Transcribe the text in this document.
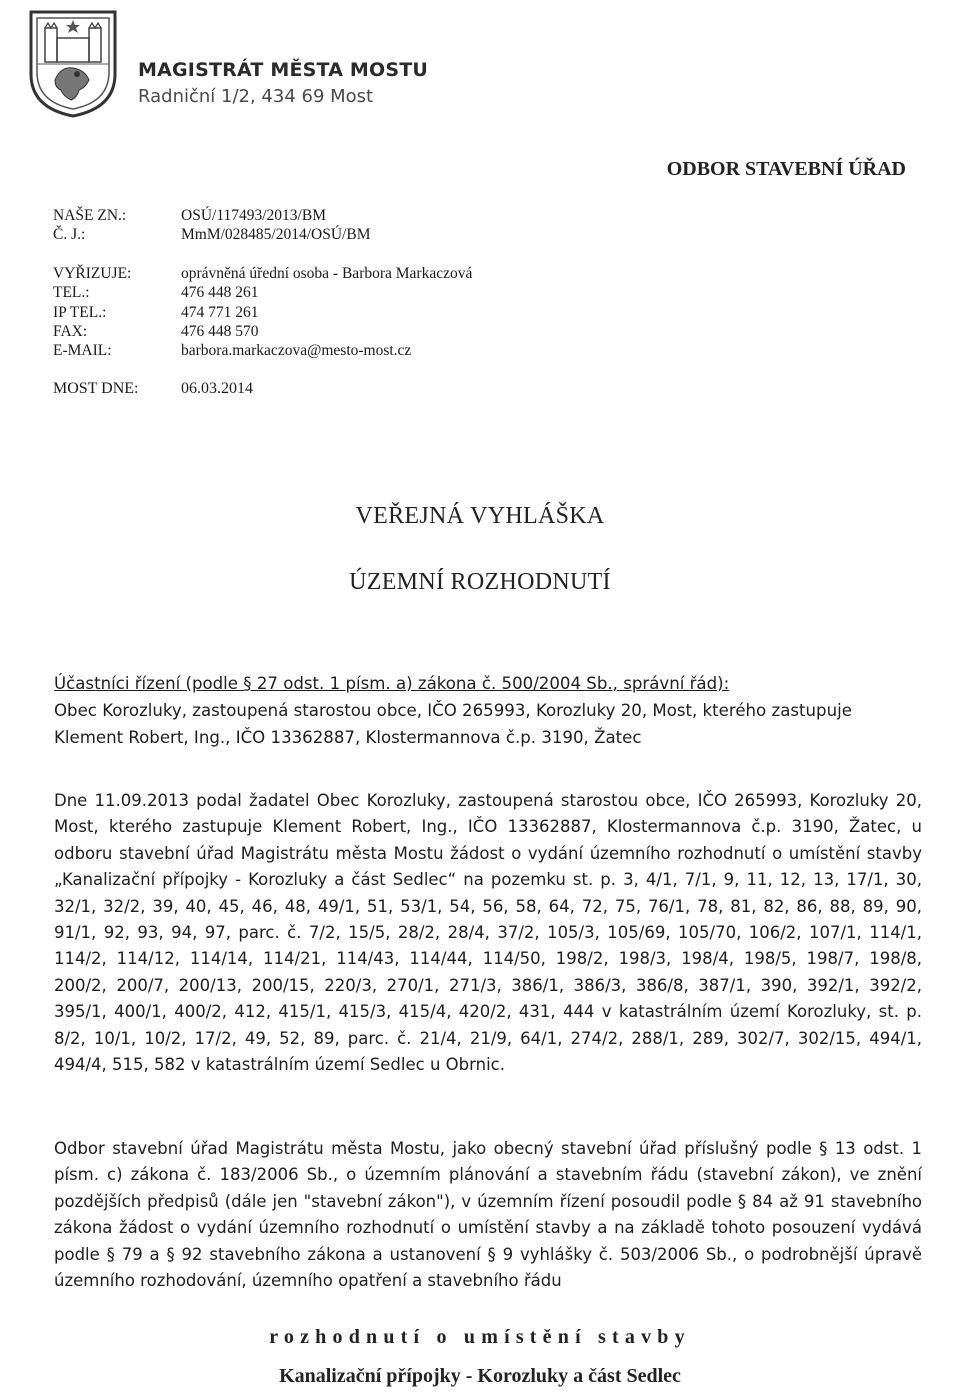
MAGISTRÁT MĚSTA MOSTU
Radniční 1/2, 434 69 Most
ODBOR STAVEBNÍ ÚŘAD
NAŠE ZN.:	OSÚ/117493/2013/BM
Č. J.:	MmM/028485/2014/OSÚ/BM
VYŘIZUJE:	oprávněná úřední osoba - Barbora Markaczová
TEL.:	476 448 261
IP TEL.:	474 771 261
FAX:	476 448 570
E-MAIL:	barbora.markaczova@mesto-most.cz
MOST DNE:	06.03.2014
VEŘEJNÁ VYHLÁŠKA
ÚZEMNÍ ROZHODNUTÍ
Účastníci řízení (podle § 27 odst. 1 písm. a) zákona č. 500/2004 Sb., správní řád):
Obec Korozluky, zastoupená starostou obce, IČO 265993, Korozluky 20, Most, kterého zastupuje Klement Robert, Ing., IČO 13362887, Klostermannova č.p. 3190, Žatec
Dne 11.09.2013 podal žadatel Obec Korozluky, zastoupená starostou obce, IČO 265993, Korozluky 20, Most, kterého zastupuje Klement Robert, Ing., IČO 13362887, Klostermannova č.p. 3190, Žatec, u odboru stavební úřad Magistrátu města Mostu žádost o vydání územního rozhodnutí o umístění stavby „Kanalizační přípojky - Korozluky a část Sedlec“ na pozemku st. p. 3, 4/1, 7/1, 9, 11, 12, 13, 17/1, 30, 32/1, 32/2, 39, 40, 45, 46, 48, 49/1, 51, 53/1, 54, 56, 58, 64, 72, 75, 76/1, 78, 81, 82, 86, 88, 89, 90, 91/1, 92, 93, 94, 97, parc. č. 7/2, 15/5, 28/2, 28/4, 37/2, 105/3, 105/69, 105/70, 106/2, 107/1, 114/1, 114/2, 114/12, 114/14, 114/21, 114/43, 114/44, 114/50, 198/2, 198/3, 198/4, 198/5, 198/7, 198/8, 200/2, 200/7, 200/13, 200/15, 220/3, 270/1, 271/3, 386/1, 386/3, 386/8, 387/1, 390, 392/1, 392/2, 395/1, 400/1, 400/2, 412, 415/1, 415/3, 415/4, 420/2, 431, 444 v katastrálním území Korozluky, st. p. 8/2, 10/1, 10/2, 17/2, 49, 52, 89, parc. č. 21/4, 21/9, 64/1, 274/2, 288/1, 289, 302/7, 302/15, 494/1, 494/4, 515, 582 v katastrálním území Sedlec u Obrnic.
Odbor stavební úřad Magistrátu města Mostu, jako obecný stavební úřad příslušný podle § 13 odst. 1 písm. c) zákona č. 183/2006 Sb., o územním plánování a stavebním řádu (stavební zákon), ve znění pozdějších předpisů (dále jen "stavební zákon"), v územním řízení posoudil podle § 84 až 91 stavebního zákona žádost o vydání územního rozhodnutí o umístění stavby a na základě tohoto posouzení vydává podle § 79 a § 92 stavebního zákona a ustanovení § 9 vyhlášky č. 503/2006 Sb., o podrobnější úpravě územního rozhodování, územního opatření a stavebního řádu
rozhodnutí o umístění stavby
Kanalizační přípojky - Korozluky a část Sedlec
